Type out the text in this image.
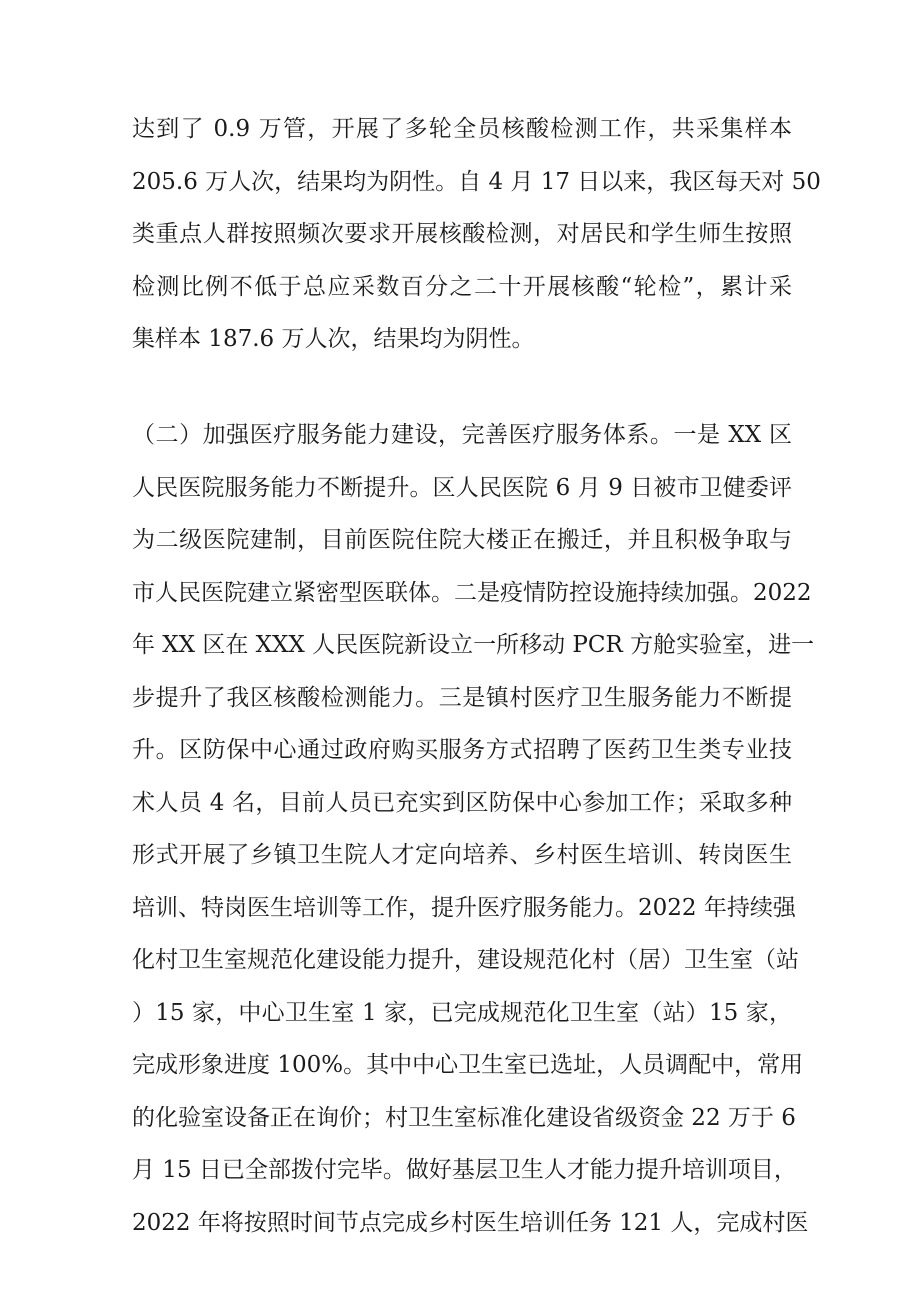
达到了 0.9 万管，开展了多轮全员核酸检测工作，共采集样本
205.6 万人次，结果均为阴性。自 4 月 17 日以来，我区每天对 50
类重点人群按照频次要求开展核酸检测，对居民和学生师生按照
检测比例不低于总应采数百分之二十开展核酸“轮检”，累计采
集样本 187.6 万人次，结果均为阴性。
（二）加强医疗服务能力建设，完善医疗服务体系。一是 XX 区
人民医院服务能力不断提升。区人民医院 6 月 9 日被市卫健委评
为二级医院建制，目前医院住院大楼正在搬迁，并且积极争取与
市人民医院建立紧密型医联体。二是疫情防控设施持续加强。2022
年 XX 区在 XXX 人民医院新设立一所移动 PCR 方舱实验室，进一
步提升了我区核酸检测能力。三是镇村医疗卫生服务能力不断提
升。区防保中心通过政府购买服务方式招聘了医药卫生类专业技
术人员 4 名，目前人员已充实到区防保中心参加工作；采取多种
形式开展了乡镇卫生院人才定向培养、乡村医生培训、转岗医生
培训、特岗医生培训等工作，提升医疗服务能力。2022 年持续强
化村卫生室规范化建设能力提升，建设规范化村（居）卫生室（站
）15 家，中心卫生室 1 家，已完成规范化卫生室（站）15 家，
完成形象进度 100%。其中中心卫生室已选址，人员调配中，常用
的化验室设备正在询价；村卫生室标准化建设省级资金 22 万于 6
月 15 日已全部拨付完毕。做好基层卫生人才能力提升培训项目，
2022 年将按照时间节点完成乡村医生培训任务 121 人，完成村医
